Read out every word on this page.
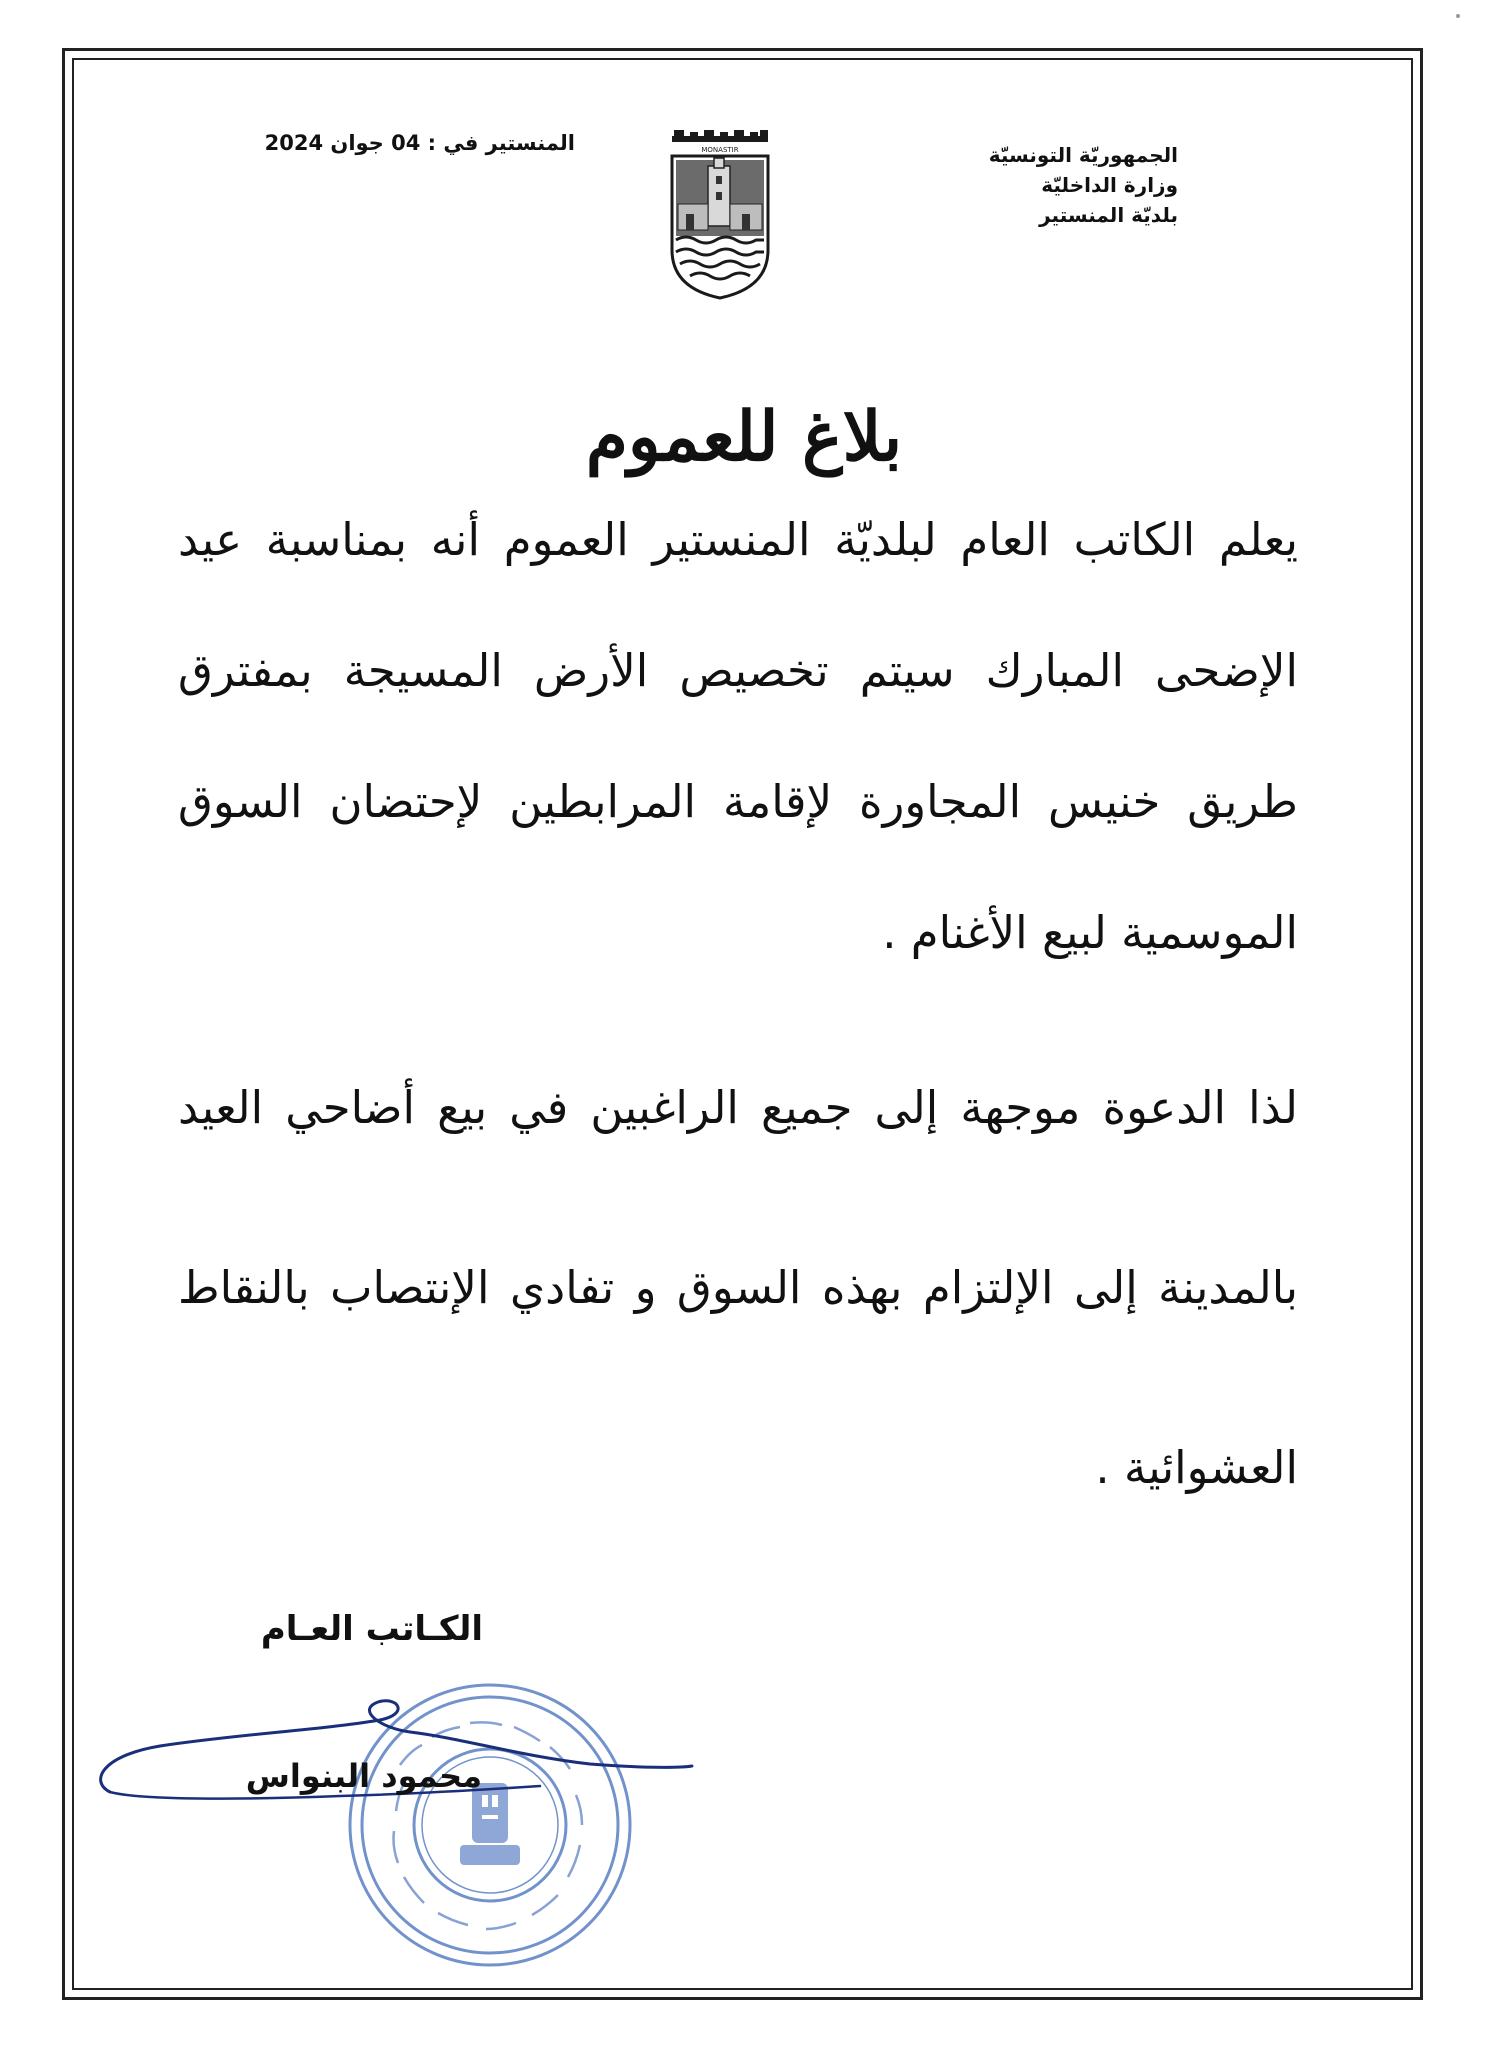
الجمهوريّة التونسيّة
وزارة الداخليّة
بلديّة المنستير
المنستير في : 04 جوان 2024	MONASTIR
بلاغ للعموم
يعلم الكاتب العام لبلديّة المنستير العموم أنه بمناسبة عيد
الإضحى المبارك سيتم تخصيص الأرض المسيجة بمفترق
طريق خنيس المجاورة لإقامة المرابطين لإحتضان السوق
الموسمية لبيع الأغنام .
لذا الدعوة موجهة إلى جميع الراغبين في بيع أضاحي العيد
بالمدينة إلى الإلتزام بهذه السوق و تفادي الإنتصاب بالنقاط
العشوائية .
الكـاتب العـام
محمود البنواس
